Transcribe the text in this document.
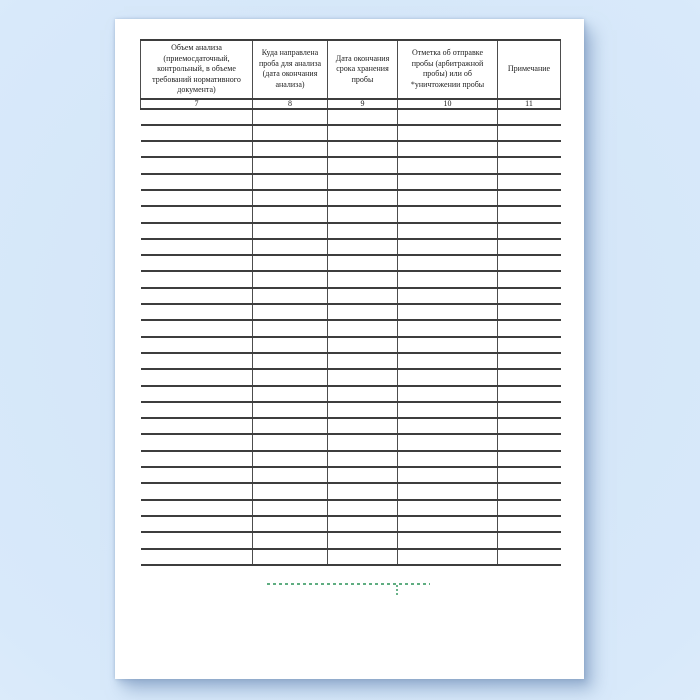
Объем анализа (приемосдаточный, контрольный, в объеме требований нормативного документа)	Куда направлена проба для анализа (дата окончания анализа)	Дата окончания срока хранения пробы	Отметка об отправке пробы (арбитражной пробы) или об *уничтожении пробы	Примечание
7	8	9	10	11
